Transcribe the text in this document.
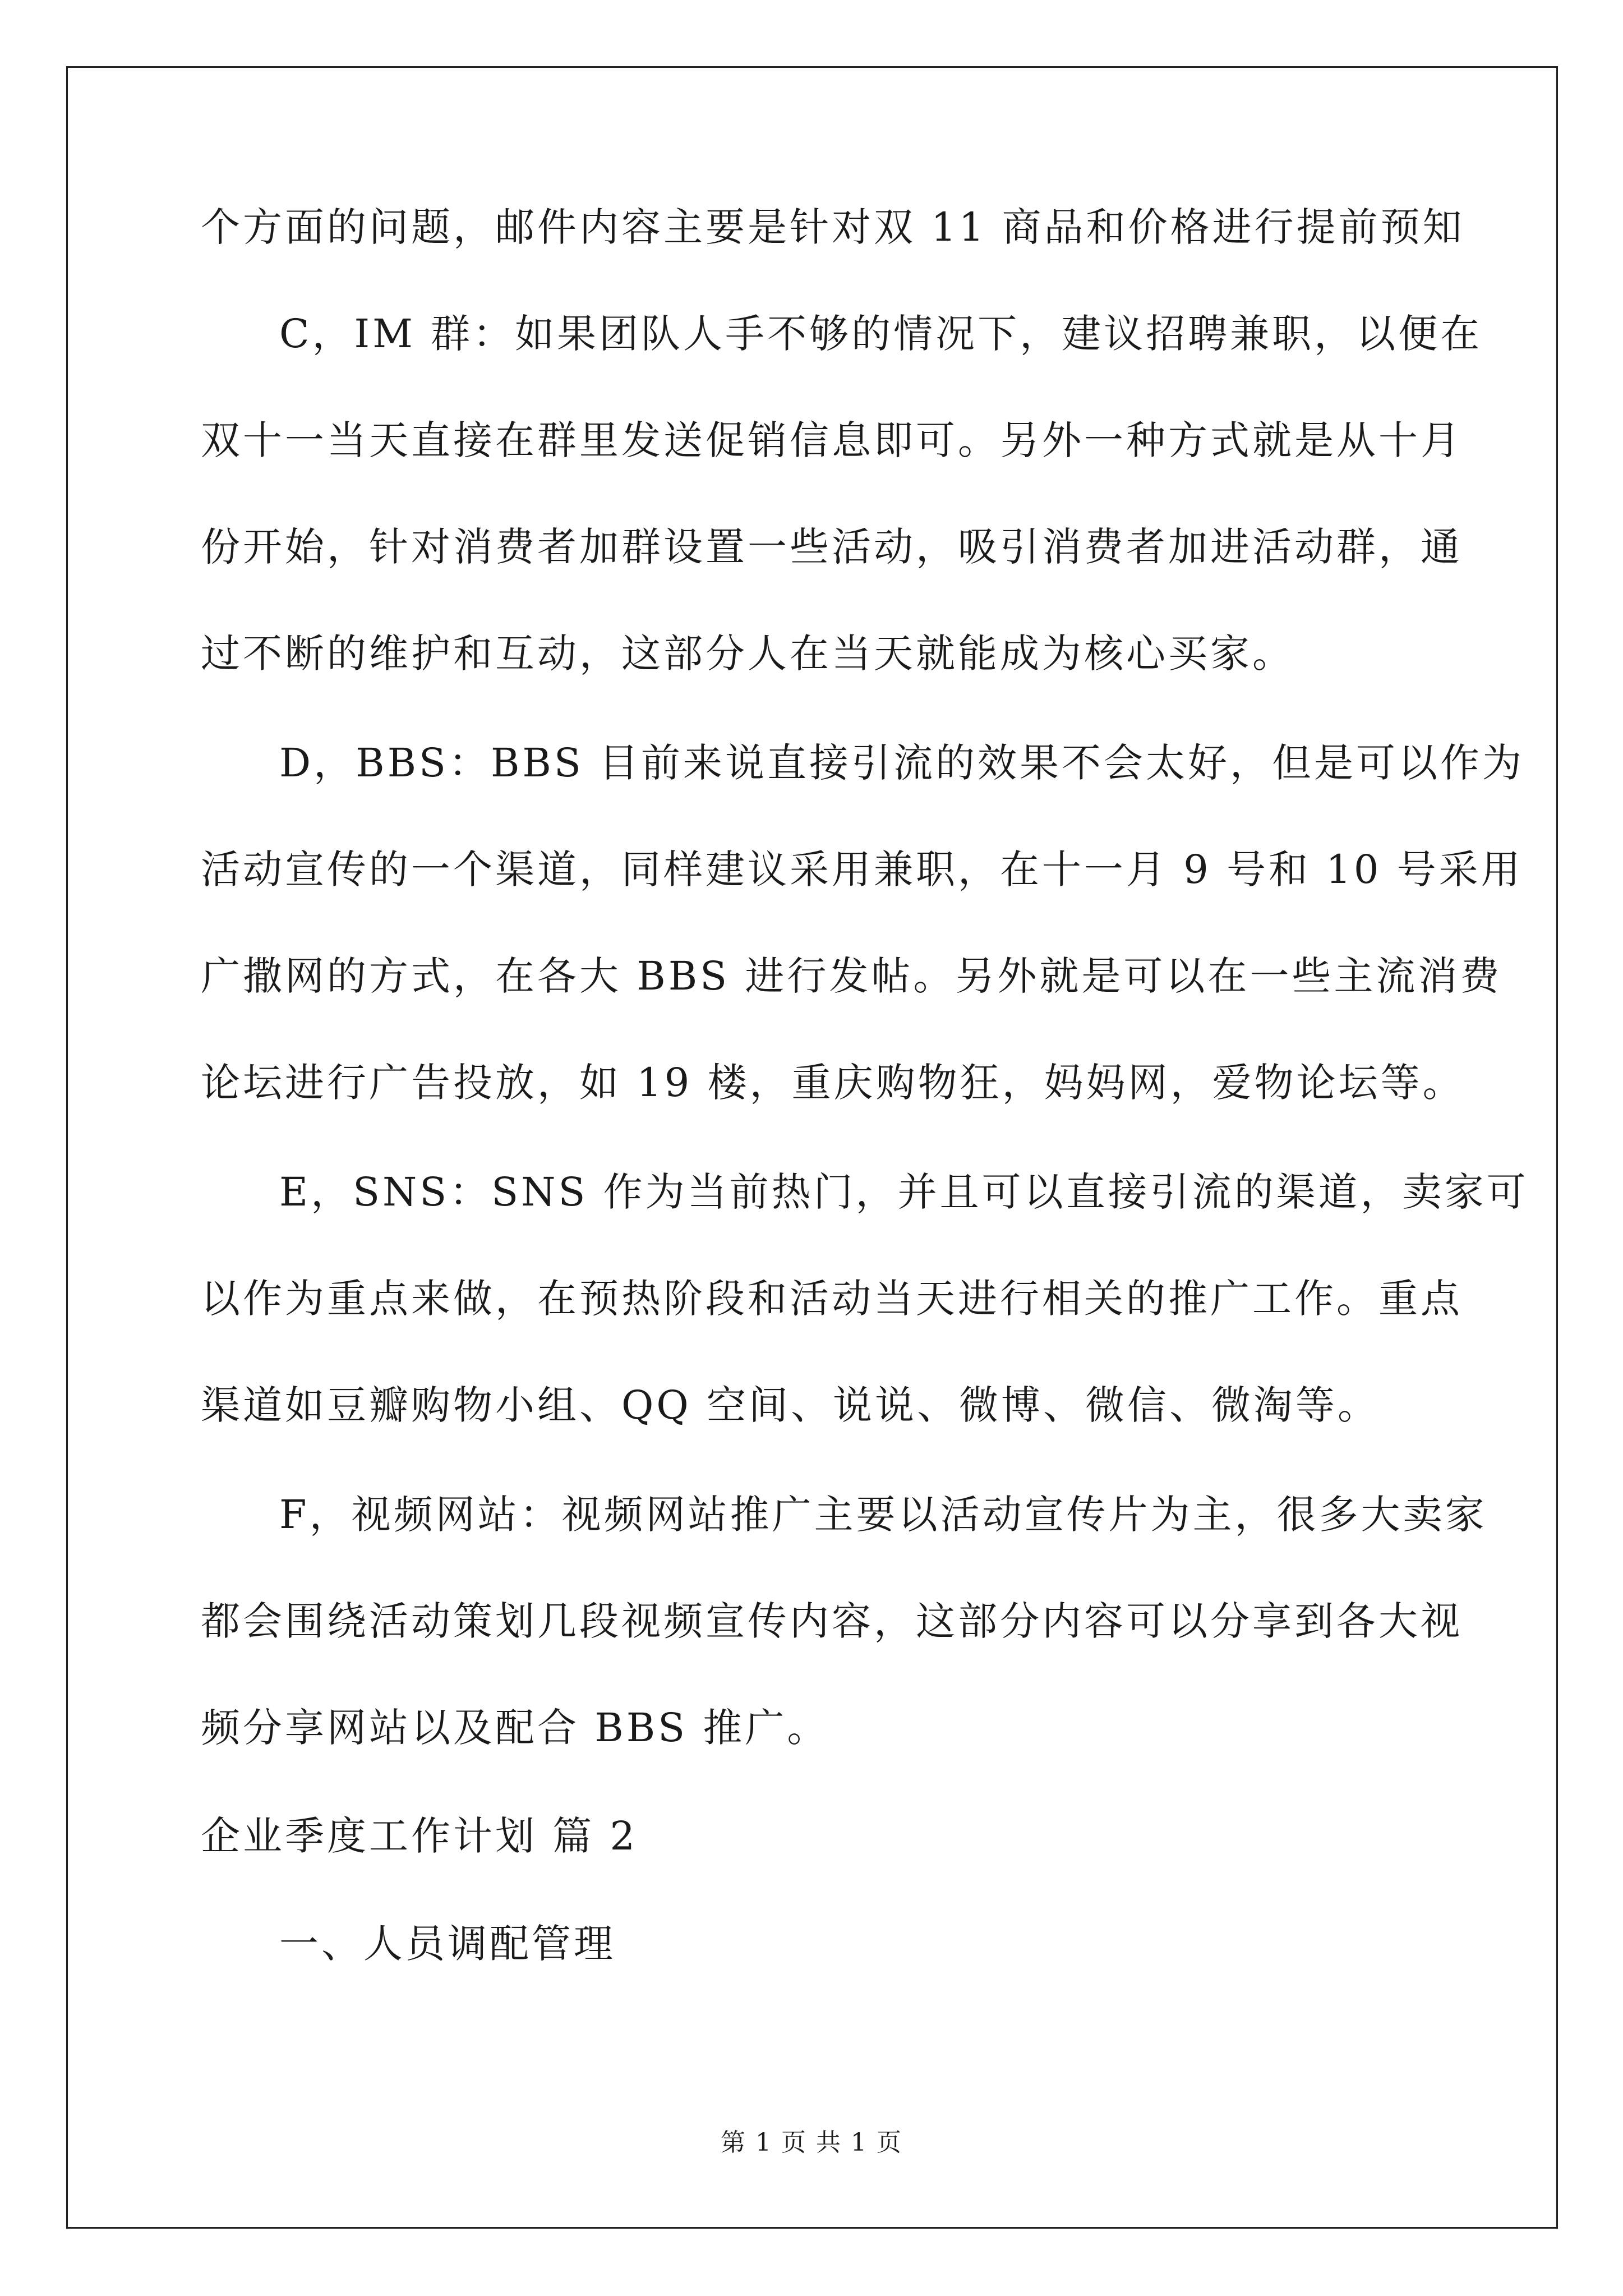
个方面的问题，邮件内容主要是针对双 11 商品和价格进行提前预知
C，IM 群：如果团队人手不够的情况下，建议招聘兼职，以便在
双十一当天直接在群里发送促销信息即可。另外一种方式就是从十月
份开始，针对消费者加群设置一些活动，吸引消费者加进活动群，通
过不断的维护和互动，这部分人在当天就能成为核心买家。
D，BBS：BBS 目前来说直接引流的效果不会太好，但是可以作为
活动宣传的一个渠道，同样建议采用兼职，在十一月 9 号和 10 号采用
广撒网的方式，在各大 BBS 进行发帖。另外就是可以在一些主流消费
论坛进行广告投放，如 19 楼，重庆购物狂，妈妈网，爱物论坛等。
E，SNS：SNS 作为当前热门，并且可以直接引流的渠道，卖家可
以作为重点来做，在预热阶段和活动当天进行相关的推广工作。重点
渠道如豆瓣购物小组、QQ 空间、说说、微博、微信、微淘等。
F，视频网站：视频网站推广主要以活动宣传片为主，很多大卖家
都会围绕活动策划几段视频宣传内容，这部分内容可以分享到各大视
频分享网站以及配合 BBS 推广。
企业季度工作计划 篇 2
一、人员调配管理
第 1 页 共 1 页
